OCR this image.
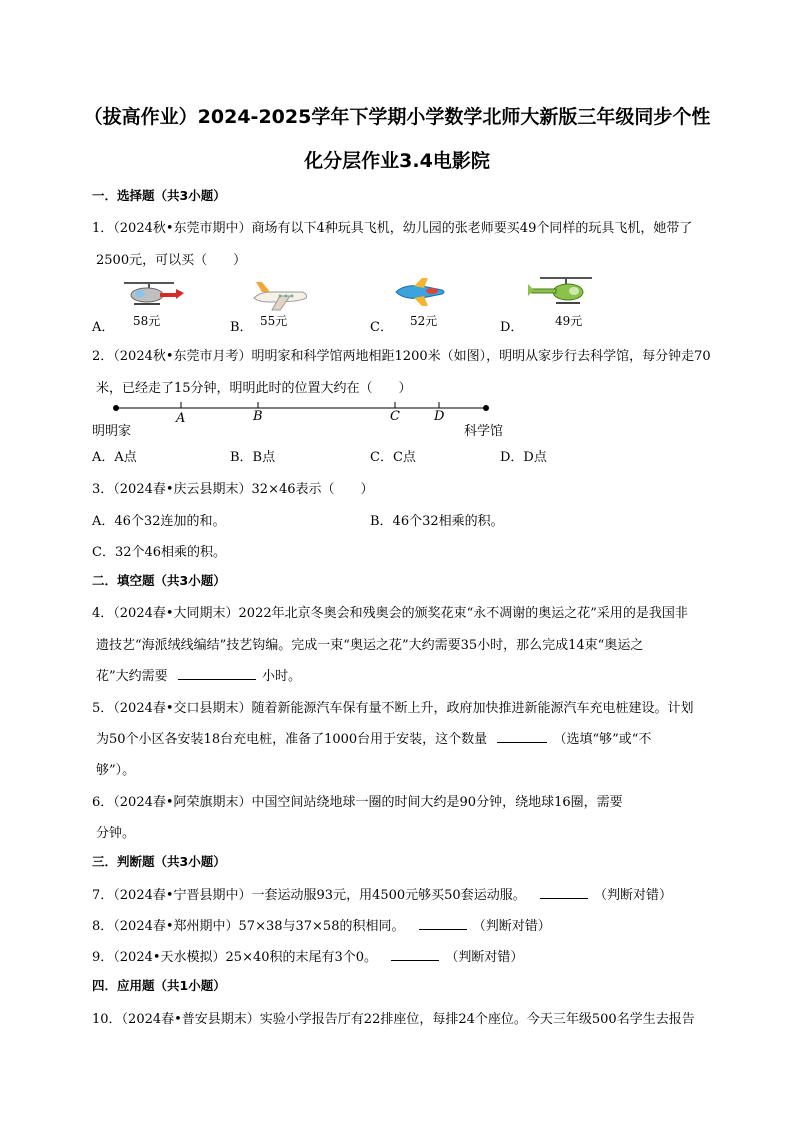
（拔高作业）2024-2025学年下学期小学数学北师大新版三年级同步个性
化分层作业3.4电影院
一．选择题（共3小题）
1．（2024秋•东莞市期中）商场有以下4种玩具飞机，幼儿园的张老师要买49个同样的玩具飞机，她带了
2500元，可以买（　　）
A． 58元	B． 55元	C． 52元	D．	49元
2．（2024秋•东莞市月考）明明家和科学馆两地相距1200米（如图），明明从家步行去科学馆，每分钟走70
米，已经走了15分钟，明明此时的位置大约在（　　）
A	B	C	D
明明家	科学馆
A．A点	B．B点	C．C点	D．D点
3．（2024春•庆云县期末）32×46表示（　　）
A．46个32连加的和。	B．46个32相乘的积。
C．32个46相乘的积。
二．填空题（共3小题）
4．（2024春•大同期末）2022年北京冬奥会和残奥会的颁奖花束“永不凋谢的奥运之花”采用的是我国非
遗技艺“海派绒线编结”技艺钩编。完成一束“奥运之花”大约需要35小时，那么完成14束“奥运之
花”大约需要	小时。
5．（2024春•交口县期末）随着新能源汽车保有量不断上升，政府加快推进新能源汽车充电桩建设。计划
为50个小区各安装18台充电桩，准备了1000台用于安装，这个数量	（选填“够”或“不
够”）。
6．（2024春•阿荣旗期末）中国空间站绕地球一圈的时间大约是90分钟，绕地球16圈，需要
分钟。
三．判断题（共3小题）
7．（2024春•宁晋县期中）一套运动服93元，用4500元够买50套运动服。	（判断对错）
8．（2024春•郑州期中）57×38与37×58的积相同。	（判断对错）
9．（2024•天水模拟）25×40积的末尾有3个0。	（判断对错）
四．应用题（共1小题）
10．（2024春•普安县期末）实验小学报告厅有22排座位，每排24个座位。今天三年级500名学生去报告
